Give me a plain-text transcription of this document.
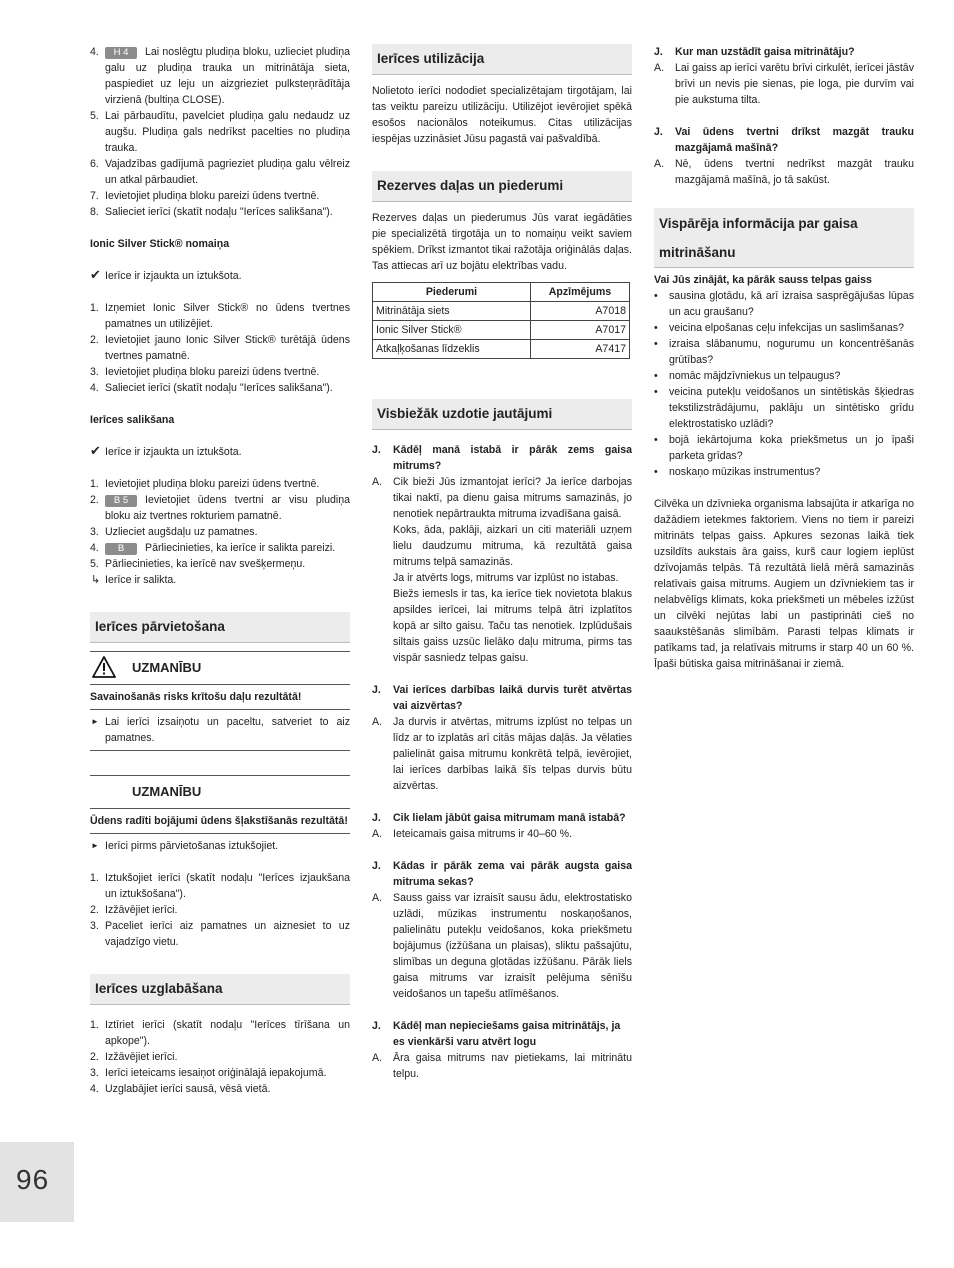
4. H 4 Lai noslēgtu pludiņa bloku, uzlieciet pludiņa galu uz pludiņa trauka un mitrinātāja sieta, paspiediet uz leju un aizgrieziet pulksteņrādītāja virzienā (bultiņa CLOSE).
5. Lai pārbaudītu, pavelciet pludiņa galu nedaudz uz augšu. Pludiņa gals nedrīkst pacelties no pludiņa trauka.
6. Vajadzības gadījumā pagrieziet pludiņa galu vēlreiz un atkal pārbaudiet.
7. Ievietojiet pludiņa bloku pareizi ūdens tvertnē.
8. Salieciet ierīci (skatīt nodaļu "Ierīces salikšana").

Ionic Silver Stick® nomaiņa

✔ Ierīce ir izjaukta un iztukšota.
1. Izņemiet Ionic Silver Stick® no ūdens tvertnes pamatnes un utilizējiet.
2. Ievietojiet jauno Ionic Silver Stick® turētājā ūdens tvertnes pamatnē.
3. Ievietojiet pludiņa bloku pareizi ūdens tvertnē.
4. Salieciet ierīci (skatīt nodaļu "Ierīces salikšana").

Ierīces salikšana

✔ Ierīce ir izjaukta un iztukšota.
1. Ievietojiet pludiņa bloku pareizi ūdens tvertnē.
2. B 5 Ievietojiet ūdens tvertni ar visu pludiņa bloku aiz tvertnes rokturiem pamatnē.
3. Uzlieciet augšdaļu uz pamatnes.
4. B Pārliecinieties, ka ierīce ir salikta pareizi.
5. Pārliecinieties, ka ierīcē nav svešķermeņu.
↳ Ierīce ir salikta.
Ierīces pārvietošana
UZMANĪBU

Savainošanās risks krītošu daļu rezultātā!

► Lai ierīci izsaiņotu un paceltu, satveriet to aiz pamatnes.
UZMANĪBU

Ūdens radīti bojājumi ūdens šļakstīšanās rezultātā!

► Ierīci pirms pārvietošanas iztukšojiet.
1. Iztukšojiet ierīci (skatīt nodaļu "Ierīces izjaukšana un iztukšošana").
2. Izžāvējiet ierīci.
3. Paceliet ierīci aiz pamatnes un aiznesiet to uz vajadzīgo vietu.
Ierīces uzglabāšana
1. Iztīriet ierīci (skatīt nodaļu "Ierīces tīrīšana un apkope").
2. Izžāvējiet ierīci.
3. Ierīci ieteicams iesaiņot oriģinālajā iepakojumā.
4. Uzglabājiet ierīci sausā, vēsā vietā.
Ierīces utilizācija

Nolietoto ierīci nododiet specializētajam tirgotājam, lai tas veiktu pareizu utilizāciju. Utilizējot ievērojiet spēkā esošos nacionālos noteikumus. Citas utilizācijas iespējas uzzināsiet Jūsu pagastā vai pašvaldībā.

Rezerves daļas un piederumi

Rezerves daļas un piederumus Jūs varat iegādāties pie specializētā tirgotāja un to nomaiņu veikt saviem spēkiem. Drīkst izmantot tikai ražotāja oriģinālās daļas. Tas attiecas arī uz bojātu elektrības vadu.

Piederumi	Apzīmējums
Mitrinātāja siets	A7018
Ionic Silver Stick®	A7017
Atkaļķošanas līdzeklis	A7417
Visbiežāk uzdotie jautājumi

J. Kādēļ manā istabā ir pārāk zems gaisa mitrums?

A. Cik bieži Jūs izmantojat ierīci? Ja ierīce darbojas tikai naktī, pa dienu gaisa mitrums samazinās, jo nenotiek nepārtraukta mitruma izvadīšana gaisā.
Koks, āda, paklāji, aizkari un citi materiāli uzņem lielu daudzumu mitruma, kā rezultātā gaisa mitrums telpā samazinās.
Ja ir atvērts logs, mitrums var izplūst no istabas.
Biežs iemesls ir tas, ka ierīce tiek novietota blakus apsildes ierīcei, lai mitrums telpā ātri izplatītos kopā ar silto gaisu. Taču tas nenotiek. Izplūdušais siltais gaiss uzsūc lielāko daļu mitruma, pirms tas vispār sasniedz telpas gaisu.

J. Vai ierīces darbības laikā durvis turēt atvērtas vai aizvērtas?

A. Ja durvis ir atvērtas, mitrums izplūst no telpas un līdz ar to izplatās arī citās mājas daļās. Ja vēlaties palielināt gaisa mitrumu konkrētā telpā, ievērojiet, lai ierīces darbības laikā šīs telpas durvis būtu aizvērtas.

J. Cik lielam jābūt gaisa mitrumam manā istabā?

A. Ieteicamais gaisa mitrums ir 40–60 %.

J. Kādas ir pārāk zema vai pārāk augsta gaisa mitruma sekas?

A. Sauss gaiss var izraisīt sausu ādu, elektrostatisko uzlādi, mūzikas instrumentu noskaņošanos, palielinātu putekļu veidošanos, koka priekšmetu bojājumus (izžūšana un plaisas), sliktu pašsajūtu, slimības un deguna gļotādas izžūšanu. Pārāk liels gaisa mitrums var izraisīt pelējuma sēnīšu veidošanos un tapešu atlīmēšanos.

J. Kādēļ man nepieciešams gaisa mitrinātājs, ja es vienkārši varu atvērt logu

A. Āra gaisa mitrums nav pietiekams, lai mitrinātu telpu.

J. Kur man uzstādīt gaisa mitrinātāju?

A. Lai gaiss ap ierīci varētu brīvi cirkulēt, ierīcei jāstāv brīvi un nevis pie sienas, pie loga, pie durvīm vai pie aukstuma tilta.

J. Vai ūdens tvertni drīkst mazgāt trauku mazgājamā mašīnā?

A. Nē, ūdens tvertni nedrīkst mazgāt trauku mazgājamā mašīnā, jo tā sakūst.
Vispārēja informācija par gaisa mitrināšanu

Vai Jūs zinājāt, ka pārāk sauss telpas gaiss

• sausina gļotādu, kā arī izraisa sasprēgājušas lūpas un acu graušanu?
• veicina elpošanas ceļu infekcijas un saslimšanas?
• izraisa slābanumu, nogurumu un koncentrēšanās grūtības?
• nomāc mājdzīvniekus un telpaugus?
• veicina putekļu veidošanos un sintētiskās šķiedras tekstilizstrādājumu, paklāju un sintētisko grīdu elektrostatisko uzlādi?
• bojā iekārtojuma koka priekšmetus un jo īpaši parketa grīdas?
• noskaņo mūzikas instrumentus?

Cilvēka un dzīvnieka organisma labsajūta ir atkarīga no dažādiem ietekmes faktoriem. Viens no tiem ir pareizi mitrināts telpas gaiss. Apkures sezonas laikā tiek uzsildīts aukstais āra gaiss, kurš caur logiem ieplūst dzīvojamās telpās. Tā rezultātā lielā mērā samazinās relatīvais gaisa mitrums. Augiem un dzīvniekiem tas ir nelabvēlīgs klimats, koka priekšmeti un mēbeles izžūst un cilvēki nejūtas labi un pastiprināti cieš no saaukstēšanās slimībām. Parasti telpas klimats ir patīkams tad, ja relatīvais mitrums ir starp 40 un 60 %. Īpaši būtiska gaisa mitrināšanai ir ziemā.

96
